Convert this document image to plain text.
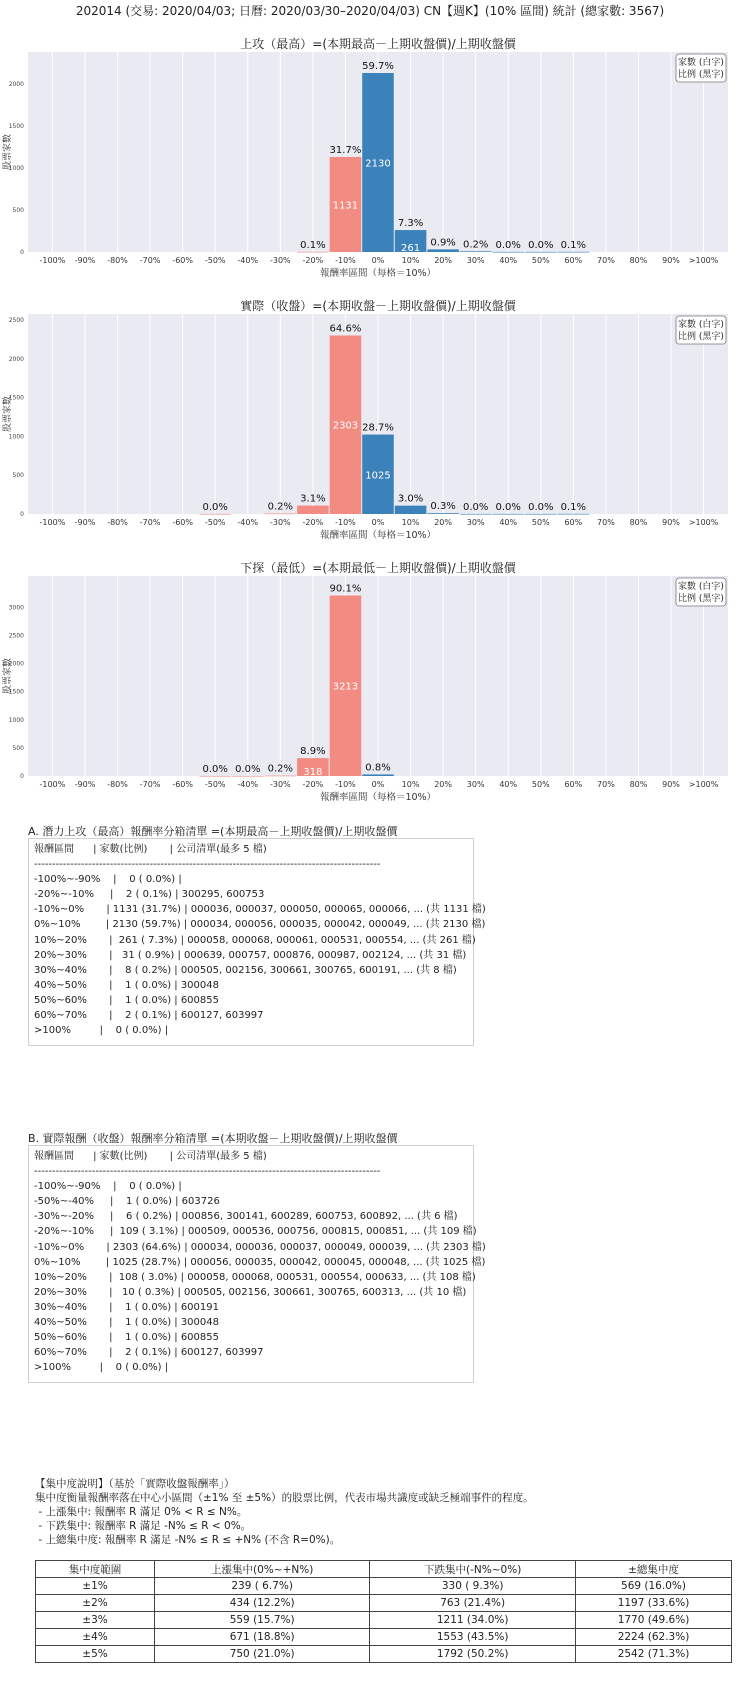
202014 (交易: 2020/04/03; 日曆: 2020/03/30–2020/04/03) CN【週K】(10% 區間) 統計 (總家數: 3567)
上攻（最高）=(本期最高－上期收盤價)/上期收盤價
0
500
1000
1500
2000
股票家數
0.1%
31.7%
1131
59.7%
2130
7.3%
261
0.9% 0.2% 0.0% 0.0% 0.1%
-100% -90% -80% -70% -60% -50% -40% -30% -20% -10% 0% 10% 20% 30% 40% 50% 60% 70% 80% 90% >100%
報酬率區間（每格＝10%）
家數 (白字)
比例 (黑字)
實際（收盤）=(本期收盤－上期收盤價)/上期收盤價
0
500
1000
1500
2000
2500
股票家數
0.0%	0.2%
3.1%
64.6%
2303 28.7%
1025
3.0%
0.3% 0.0% 0.0% 0.0% 0.1%
-100% -90% -80% -70% -60% -50% -40% -30% -20% -10% 0% 10% 20% 30% 40% 50% 60% 70% 80% 90% >100%
報酬率區間（每格＝10%）
家數 (白字)
比例 (黑字)
下探（最低）=(本期最低－上期收盤價)/上期收盤價
0
500
1000
1500
2000
2500
3000
股票家數
0.0% 0.0% 0.2%
8.9%
318
90.1%
3213
0.8%
-100% -90% -80% -70% -60% -50% -40% -30% -20% -10% 0% 10% 20% 30% 40% 50% 60% 70% 80% 90% >100%
報酬率區間（每格＝10%）
家數 (白字)
比例 (黑字)
A. 潛力上攻（最高）報酬率分箱清單 =(本期最高－上期收盤價)/上期收盤價
報酬區間      | 家數(比例)       | 公司清單(最多 5 檔)
------------------------------------------------------------------------------------------------
-100%~-90%    |    0 ( 0.0%) |
-20%~-10%     |    2 ( 0.1%) | 300295, 600753
-10%~0%       | 1131 (31.7%) | 000036, 000037, 000050, 000065, 000066, ... (共 1131 檔)
0%~10%        | 2130 (59.7%) | 000034, 000056, 000035, 000042, 000049, ... (共 2130 檔)
10%~20%       |  261 ( 7.3%) | 000058, 000068, 000061, 000531, 000554, ... (共 261 檔)
20%~30%       |   31 ( 0.9%) | 000639, 000757, 000876, 000987, 002124, ... (共 31 檔)
30%~40%       |    8 ( 0.2%) | 000505, 002156, 300661, 300765, 600191, ... (共 8 檔)
40%~50%       |    1 ( 0.0%) | 300048
50%~60%       |    1 ( 0.0%) | 600855
60%~70%       |    2 ( 0.1%) | 600127, 603997
>100%         |    0 ( 0.0%) |
B. 實際報酬（收盤）報酬率分箱清單 =(本期收盤－上期收盤價)/上期收盤價
報酬區間      | 家數(比例)       | 公司清單(最多 5 檔)
------------------------------------------------------------------------------------------------
-100%~-90%    |    0 ( 0.0%) |
-50%~-40%     |    1 ( 0.0%) | 603726
-30%~-20%     |    6 ( 0.2%) | 000856, 300141, 600289, 600753, 600892, ... (共 6 檔)
-20%~-10%     |  109 ( 3.1%) | 000509, 000536, 000756, 000815, 000851, ... (共 109 檔)
-10%~0%       | 2303 (64.6%) | 000034, 000036, 000037, 000049, 000039, ... (共 2303 檔)
0%~10%        | 1025 (28.7%) | 000056, 000035, 000042, 000045, 000048, ... (共 1025 檔)
10%~20%       |  108 ( 3.0%) | 000058, 000068, 000531, 000554, 000633, ... (共 108 檔)
20%~30%       |   10 ( 0.3%) | 000505, 002156, 300661, 300765, 600313, ... (共 10 檔)
30%~40%       |    1 ( 0.0%) | 600191
40%~50%       |    1 ( 0.0%) | 300048
50%~60%       |    1 ( 0.0%) | 600855
60%~70%       |    2 ( 0.1%) | 600127, 603997
>100%         |    0 ( 0.0%) |
【集中度說明】（基於「實際收盤報酬率」）
集中度衡量報酬率落在中心小區間（±1% 至 ±5%）的股票比例，代表市場共識度或缺乏極端事件的程度。
- 上漲集中: 報酬率 R 滿足 0% < R ≤ N%。
- 下跌集中: 報酬率 R 滿足 -N% ≤ R < 0%。
- 上總集中度: 報酬率 R 滿足 -N% ≤ R ≤ +N% (不含 R=0%)。
集中度範圍	上漲集中(0%~+N%)	下跌集中(-N%~0%)	±總集中度
±1%	239 ( 6.7%)	330 ( 9.3%)	569 (16.0%)
±2%	434 (12.2%)	763 (21.4%)	1197 (33.6%)
±3%	559 (15.7%)	1211 (34.0%)	1770 (49.6%)
±4%	671 (18.8%)	1553 (43.5%)	2224 (62.3%)
±5%	750 (21.0%)	1792 (50.2%)	2542 (71.3%)
